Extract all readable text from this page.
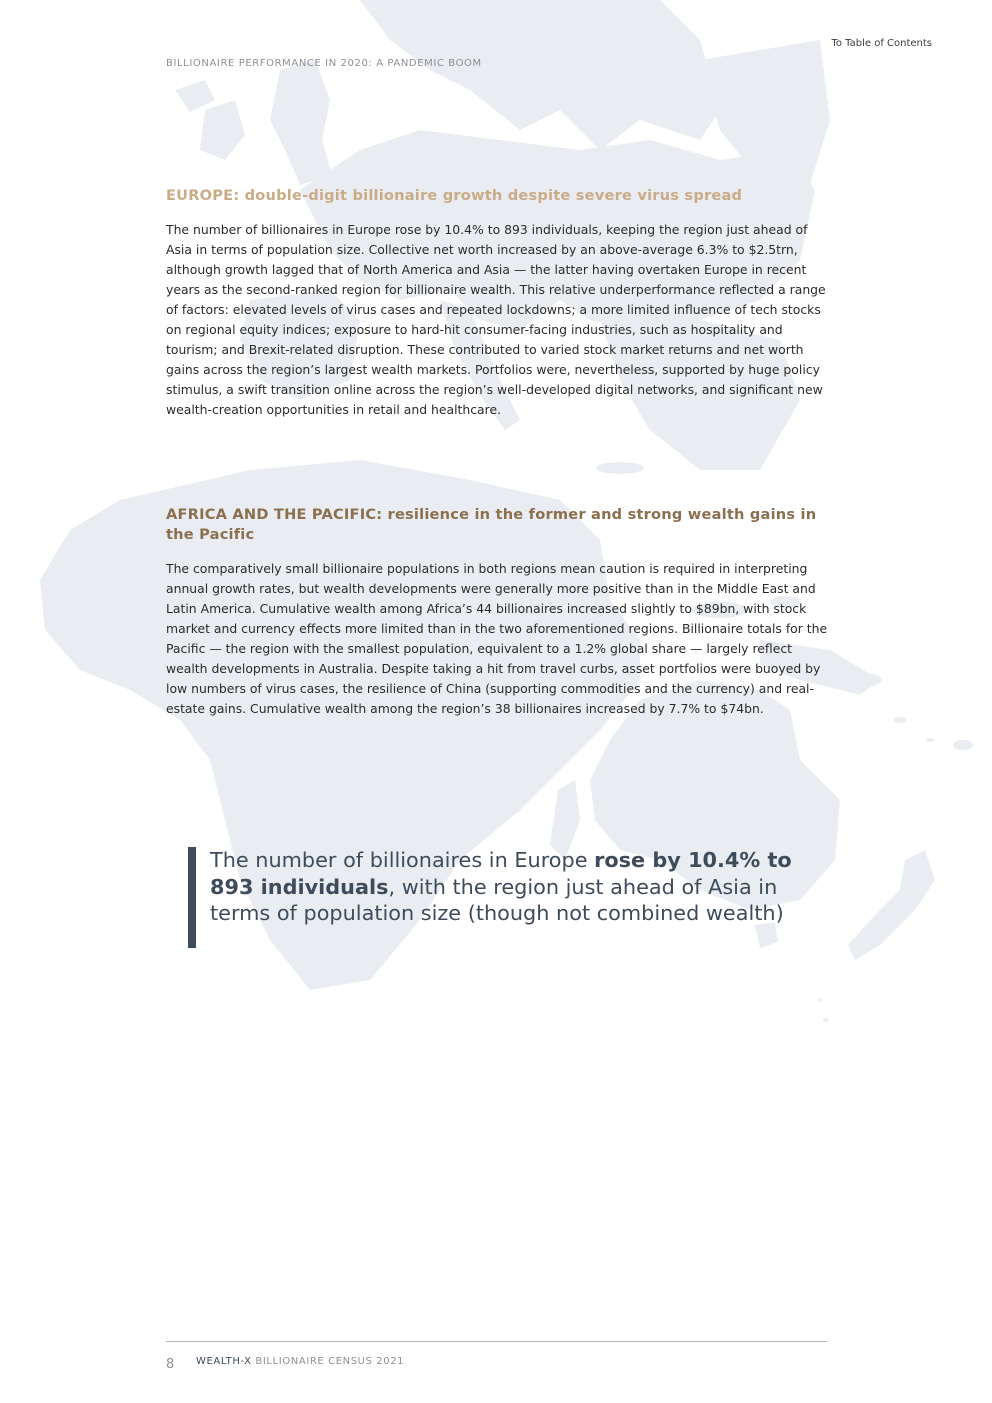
To Table of Contents
BILLIONAIRE PERFORMANCE IN 2020: A PANDEMIC BOOM
EUROPE: double-digit billionaire growth despite severe virus spread

The number of billionaires in Europe rose by 10.4% to 893 individuals, keeping the region just ahead of Asia in terms of population size. Collective net worth increased by an above-average 6.3% to $2.5trn, although growth lagged that of North America and Asia — the latter having overtaken Europe in recent years as the second-ranked region for billionaire wealth. This relative underperformance reflected a range of factors: elevated levels of virus cases and repeated lockdowns; a more limited influence of tech stocks on regional equity indices; exposure to hard-hit consumer-facing industries, such as hospitality and tourism; and Brexit-related disruption. These contributed to varied stock market returns and net worth gains across the region’s largest wealth markets. Portfolios were, nevertheless, supported by huge policy stimulus, a swift transition online across the region’s well-developed digital networks, and significant new wealth-creation opportunities in retail and healthcare.

AFRICA AND THE PACIFIC: resilience in the former and strong wealth gains in the Pacific

The comparatively small billionaire populations in both regions mean caution is required in interpreting annual growth rates, but wealth developments were generally more positive than in the Middle East and Latin America. Cumulative wealth among Africa’s 44 billionaires increased slightly to $89bn, with stock market and currency effects more limited than in the two aforementioned regions. Billionaire totals for the Pacific — the region with the smallest population, equivalent to a 1.2% global share — largely reflect wealth developments in Australia. Despite taking a hit from travel curbs, asset portfolios were buoyed by low numbers of virus cases, the resilience of China (supporting commodities and the currency) and real-estate gains. Cumulative wealth among the region’s 38 billionaires increased by 7.7% to $74bn.

The number of billionaires in Europe rose by 10.4% to 893 individuals, with the region just ahead of Asia in terms of population size (though not combined wealth)

8 WEALTH-X BILLIONAIRE CENSUS 2021
